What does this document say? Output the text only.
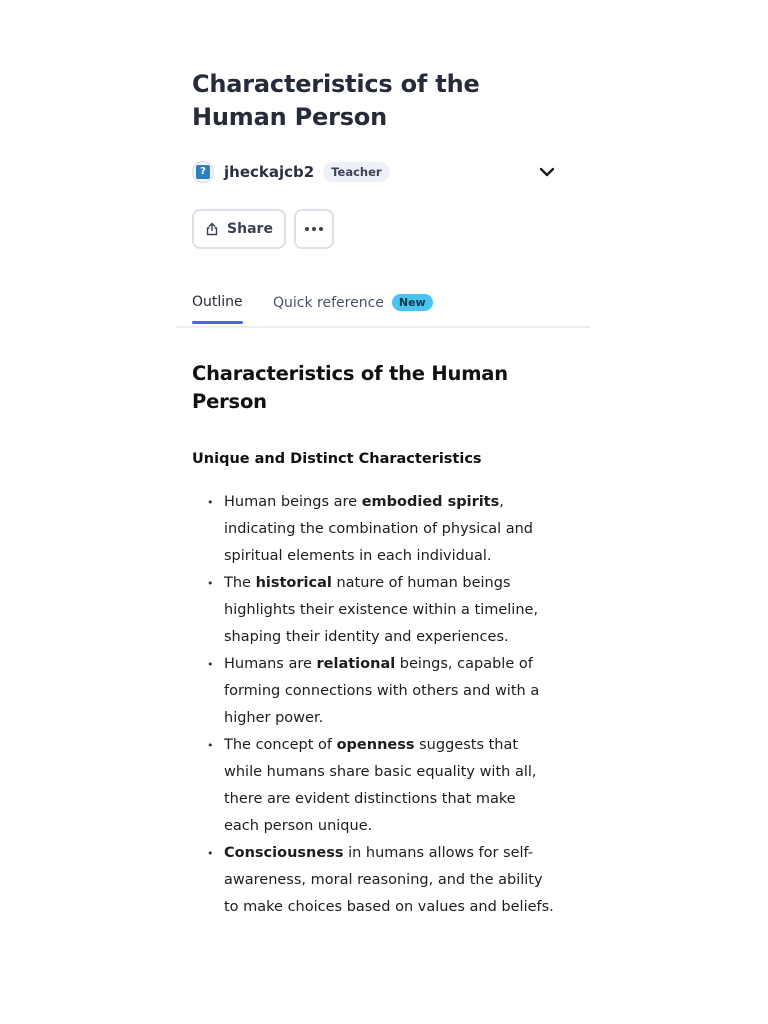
Characteristics of the Human Person
? jheckajcb2	Teacher
Share
Outline Quick reference	New
Characteristics of the Human Person
Unique and Distinct Characteristics
• Human beings are embodied spirits, indicating the combination of physical and spiritual elements in each individual.
• The historical nature of human beings highlights their existence within a timeline, shaping their identity and experiences.
• Humans are relational beings, capable of forming connections with others and with a higher power.
• The concept of openness suggests that while humans share basic equality with all, there are evident distinctions that make each person unique.
• Consciousness in humans allows for self-awareness, moral reasoning, and the ability to make choices based on values and beliefs.
